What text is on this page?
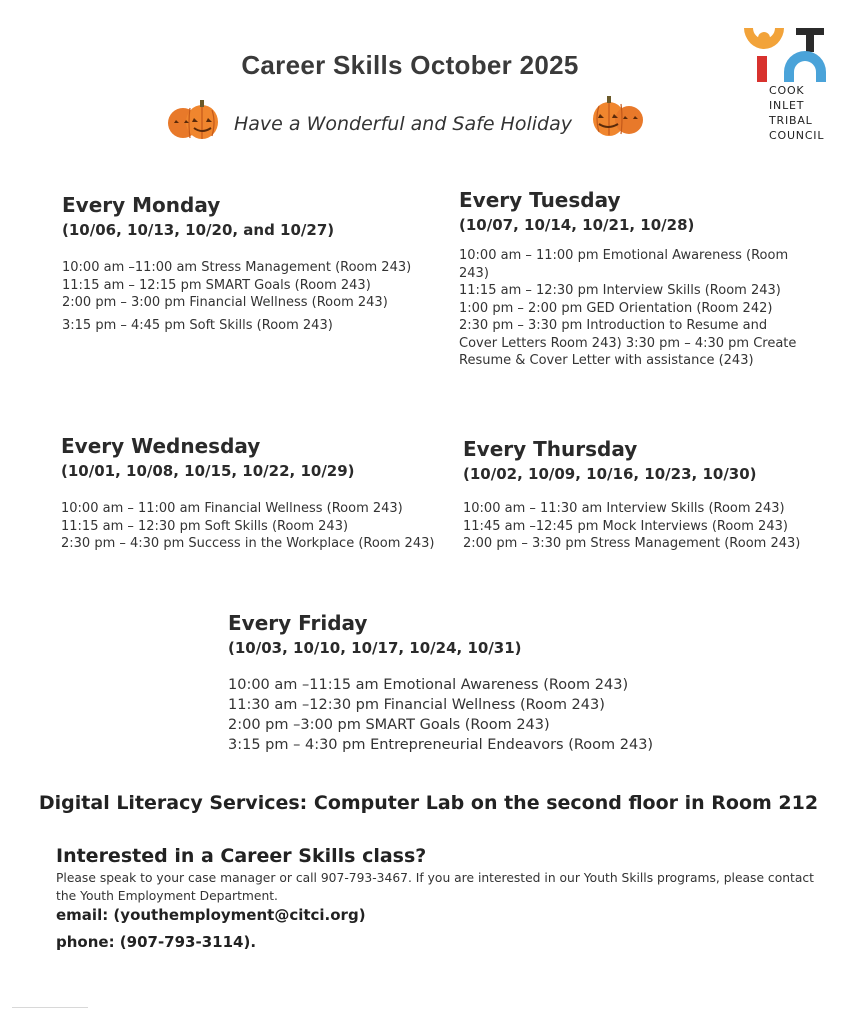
Career Skills October 2025
Have a Wonderful and Safe Holiday
COOK
INLET
TRIBAL
COUNCIL
Every Monday
(10/06, 10/13, 10/20, and 10/27)
10:00 am –11:00 am Stress Management (Room 243)
11:15 am – 12:15 pm SMART Goals (Room 243)
2:00 pm – 3:00 pm Financial Wellness (Room 243)
3:15 pm – 4:45 pm Soft Skills (Room 243)
Every Tuesday
(10/07, 10/14, 10/21, 10/28)
10:00 am – 11:00 pm Emotional Awareness (Room 243)
11:15 am – 12:30 pm Interview Skills (Room 243)
1:00 pm – 2:00 pm GED Orientation (Room 242)
2:30 pm – 3:30 pm Introduction to Resume and Cover Letters Room 243) 3:30 pm – 4:30 pm Create Resume & Cover Letter with assistance (243)
Every Wednesday
(10/01, 10/08, 10/15, 10/22, 10/29)
10:00 am – 11:00 am Financial Wellness (Room 243)
11:15 am – 12:30 pm Soft Skills (Room 243)
2:30 pm – 4:30 pm Success in the Workplace (Room 243)
Every Thursday
(10/02, 10/09, 10/16, 10/23, 10/30)
10:00 am – 11:30 am Interview Skills (Room 243)
11:45 am –12:45 pm Mock Interviews (Room 243)
2:00 pm – 3:30 pm Stress Management (Room 243)
Every Friday
(10/03, 10/10, 10/17, 10/24, 10/31)
10:00 am –11:15 am Emotional Awareness (Room 243)
11:30 am –12:30 pm Financial Wellness (Room 243)
2:00 pm –3:00 pm SMART Goals (Room 243)
3:15 pm – 4:30 pm Entrepreneurial Endeavors (Room 243)
Digital Literacy Services: Computer Lab on the second floor in Room 212
Interested in a Career Skills class?
Please speak to your case manager or call 907-793-3467. If you are interested in our Youth Skills programs, please contact the Youth Employment Department.
email: (youthemployment@citci.org)
phone: (907-793-3114).
